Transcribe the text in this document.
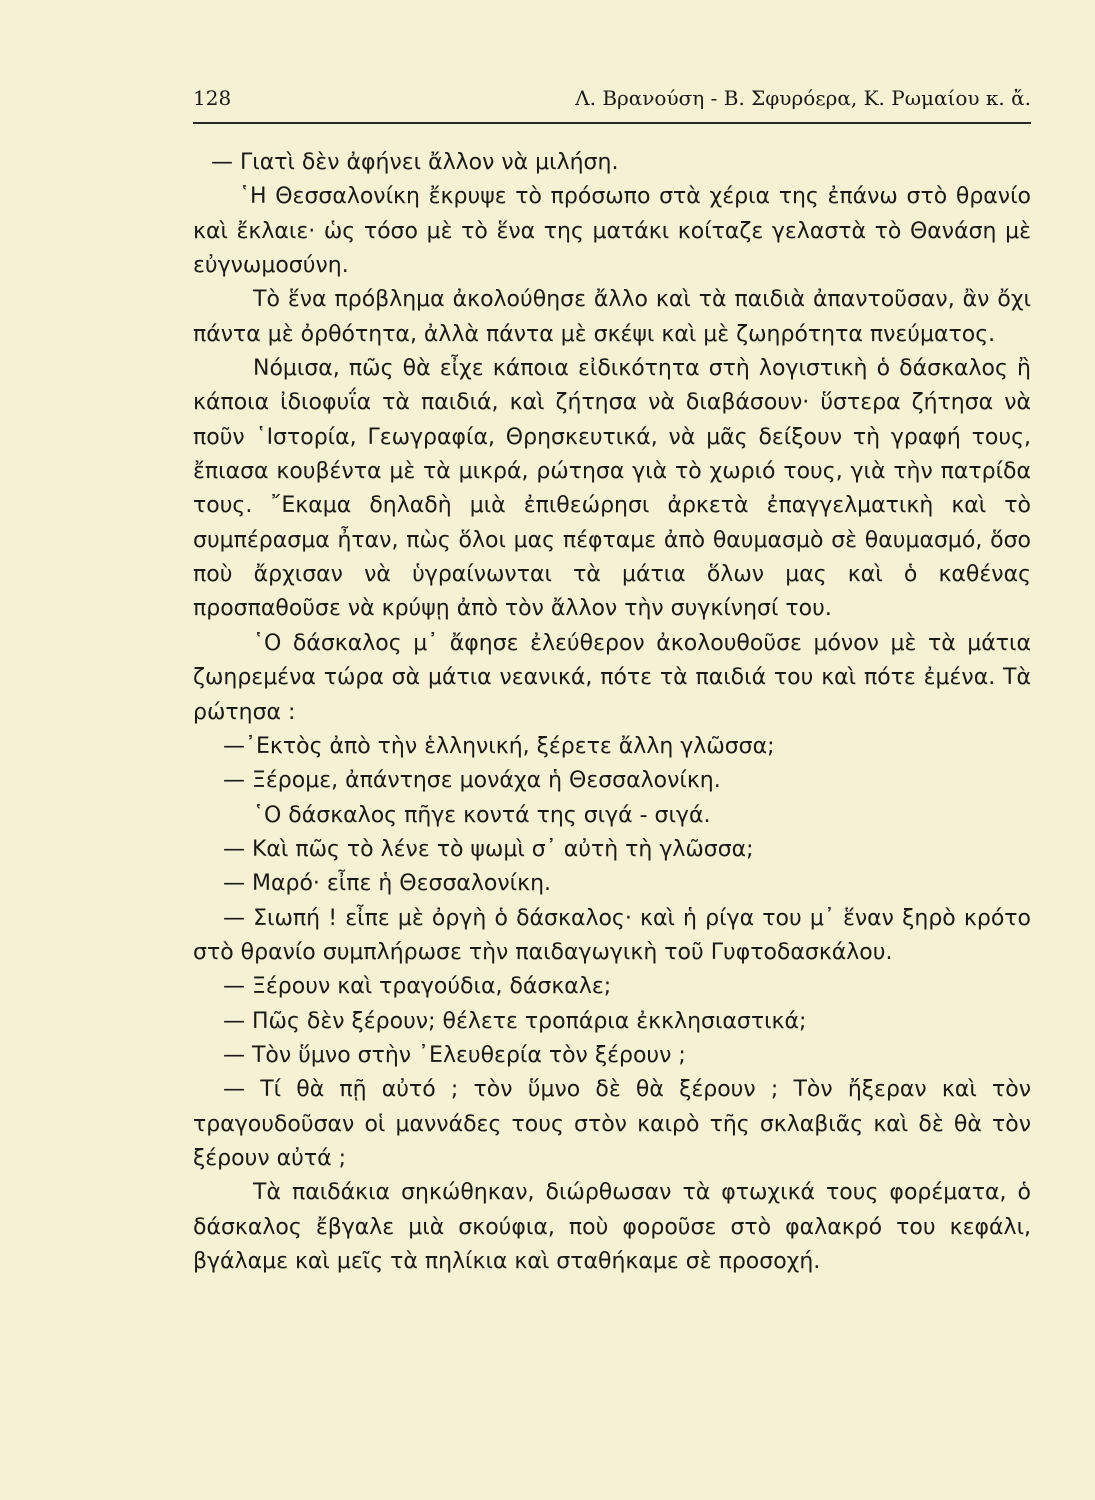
128	Λ. Βρανούση - Β. Σφυρόερα, Κ. Ρωμαίου κ. ἄ.

— Γιατὶ δὲν ἀφήνει ἄλλον νὰ μιλήση.

῾Η Θεσσαλονίκη ἔκρυψε τὸ πρόσωπο στὰ χέρια της ἐπάνω στὸ θρανίο καὶ ἔκλαιε· ὡς τόσο μὲ τὸ ἕνα της ματάκι κοίταζε γελαστὰ τὸ Θανάση μὲ εὐγνωμοσύνη.

Τὸ ἕνα πρόβλημα ἀκολούθησε ἄλλο καὶ τὰ παιδιὰ ἀπαντοῦσαν, ἂν ὄχι πάντα μὲ ὀρθότητα, ἀλλὰ πάντα μὲ σκέψι καὶ μὲ ζωηρότητα πνεύματος.

Νόμισα, πῶς θὰ εἶχε κάποια εἰδικότητα στὴ λογιστικὴ ὁ δάσκαλος ἢ κάποια ἰδιοφυΐα τὰ παιδιά, καὶ ζήτησα νὰ διαβάσουν· ὕστερα ζήτησα νὰ ποῦν ῾Ιστορία, Γεωγραφία, Θρησκευτικά, νὰ μᾶς δείξουν τὴ γραφή τους, ἔπιασα κουβέντα μὲ τὰ μικρά, ρώτησα γιὰ τὸ χωριό τους, γιὰ τὴν πατρίδα τους. ῎Εκαμα δηλαδὴ μιὰ ἐπιθεώρησι ἀρκετὰ ἐπαγγελματικὴ καὶ τὸ συμπέρασμα ἦταν, πὼς ὅλοι μας πέφταμε ἀπὸ θαυμασμὸ σὲ θαυμασμό, ὅσο ποὺ ἄρχισαν νὰ ὑγραίνωνται τὰ μάτια ὅλων μας καὶ ὁ καθένας προσπαθοῦσε νὰ κρύψῃ ἀπὸ τὸν ἄλλον τὴν συγκίνησί του.

῾Ο δάσκαλος μ᾽ ἄφησε ἐλεύθερον ἀκολουθοῦσε μόνον μὲ τὰ μάτια ζωηρεμένα τώρα σὰ μάτια νεανικά, πότε τὰ παιδιά του καὶ πότε ἐμένα. Τὰ ρώτησα :

—᾽Εκτὸς ἀπὸ τὴν ἑλληνική, ξέρετε ἄλλη γλῶσσα;

— Ξέρομε, ἀπάντησε μονάχα ἡ Θεσσαλονίκη.

῾Ο δάσκαλος πῆγε κοντά της σιγά - σιγά.

— Καὶ πῶς τὸ λένε τὸ ψωμὶ σ᾽ αὐτὴ τὴ γλῶσσα;

— Μαρό· εἶπε ἡ Θεσσαλονίκη.

— Σιωπή ! εἶπε μὲ ὀργὴ ὁ δάσκαλος· καὶ ἡ ρίγα του μ᾽ ἕναν ξηρὸ κρότο στὸ θρανίο συμπλήρωσε τὴν παιδαγωγικὴ τοῦ Γυφτοδασκάλου.

— Ξέρουν καὶ τραγούδια, δάσκαλε;

— Πῶς δὲν ξέρουν; θέλετε τροπάρια ἐκκλησιαστικά;

— Τὸν ὕμνο στὴν ᾽Ελευθερία τὸν ξέρουν ;

— Τί θὰ πῇ αὐτό ; τὸν ὕμνο δὲ θὰ ξέρουν ; Τὸν ἤξεραν καὶ τὸν τραγουδοῦσαν οἱ μαννάδες τους στὸν καιρὸ τῆς σκλαβιᾶς καὶ δὲ θὰ τὸν ξέρουν αὐτά ;

Τὰ παιδάκια σηκώθηκαν, διώρθωσαν τὰ φτωχικά τους φορέματα, ὁ δάσκαλος ἔβγαλε μιὰ σκούφια, ποὺ φοροῦσε στὸ φαλακρό του κεφάλι, βγάλαμε καὶ μεῖς τὰ πηλίκια καὶ σταθήκαμε σὲ προσοχή.
